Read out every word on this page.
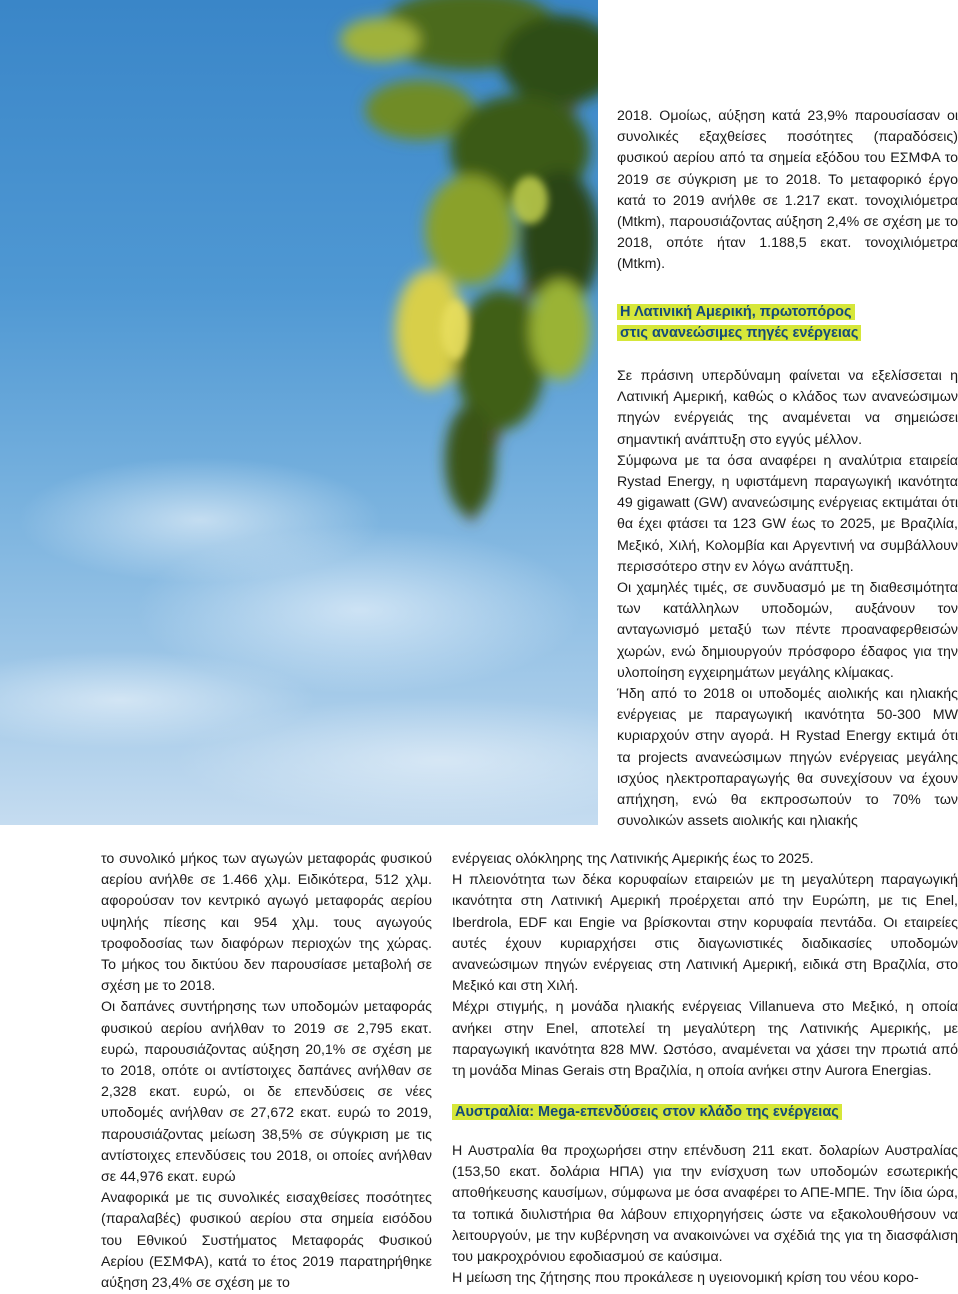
2018. Ομοίως, αύξηση κατά 23,9% παρουσίασαν οι συνολικές εξαχθείσες ποσότητες (παραδόσεις) φυσικού αερίου από τα σημεία εξόδου του ΕΣΜΦΑ το 2019 σε σύγκριση με το 2018. Το μεταφορικό έργο κατά το 2019 ανήλθε σε 1.217 εκατ. τονοχιλιόμετρα (Mtkm), παρουσιάζοντας αύξηση 2,4% σε σχέση με το 2018, οπότε ήταν 1.188,5 εκατ. τονοχιλιόμετρα (Mtkm).

Η Λατινική Αμερική, πρωτοπόρος
στις ανανεώσιμες πηγές ενέργειας

Σε πράσινη υπερδύναμη φαίνεται να εξελίσσεται η Λατινική Αμερική, καθώς ο κλάδος των ανανεώσιμων πηγών ενέργειάς της αναμένεται να σημειώσει σημαντική ανάπτυξη στο εγγύς μέλλον.

Σύμφωνα με τα όσα αναφέρει η αναλύτρια εταιρεία Rystad Energy, η υφιστάμενη παραγωγική ικανότητα 49 gigawatt (GW) ανανεώσιμης ενέργειας εκτιμάται ότι θα έχει φτάσει τα 123 GW έως το 2025, με Βραζιλία, Μεξικό, Χιλή, Κολομβία και Αργεντινή να συμβάλλουν περισσότερο στην εν λόγω ανάπτυξη.

Οι χαμηλές τιμές, σε συνδυασμό με τη διαθεσιμότητα των κατάλληλων υποδομών, αυξάνουν τον ανταγωνισμό μεταξύ των πέντε προαναφερθεισών χωρών, ενώ δημιουργούν πρόσφορο έδαφος για την υλοποίηση εγχειρημάτων μεγάλης κλίμακας.

Ήδη από το 2018 οι υποδομές αιολικής και ηλιακής ενέργειας με παραγωγική ικανότητα 50-300 MW κυριαρχούν στην αγορά. Η Rystad Energy εκτιμά ότι τα projects ανανεώσιμων πηγών ενέργειας μεγάλης ισχύος ηλεκτροπαραγωγής θα συνεχίσουν να έχουν απήχηση, ενώ θα εκπροσωπούν το 70% των συνολικών assets αιολικής και ηλιακής

ενέργειας ολόκληρης της Λατινικής Αμερικής έως το 2025.

Η πλειονότητα των δέκα κορυφαίων εταιρειών με τη μεγαλύτερη παραγωγική ικανότητα στη Λατινική Αμερική προέρχεται από την Ευρώπη, με τις Enel, Iberdrola, EDF και Engie να βρίσκονται στην κορυφαία πεντάδα. Οι εταιρείες αυτές έχουν κυριαρχήσει στις διαγωνιστικές διαδικασίες υποδομών ανανεώσιμων πηγών ενέργειας στη Λατινική Αμερική, ειδικά στη Βραζιλία, στο Μεξικό και στη Χιλή.

Μέχρι στιγμής, η μονάδα ηλιακής ενέργειας Villanueva στο Μεξικό, η οποία ανήκει στην Enel, αποτελεί τη μεγαλύτερη της Λατινικής Αμερικής, με παραγωγική ικανότητα 828 MW. Ωστόσο, αναμένεται να χάσει την πρωτιά από τη μονάδα Minas Gerais στη Βραζιλία, η οποία ανήκει στην Aurora Energias.

Αυστραλία: Mega-επενδύσεις στον κλάδο της ενέργειας

Η Αυστραλία θα προχωρήσει στην επένδυση 211 εκατ. δολαρίων Αυστραλίας (153,50 εκατ. δολάρια ΗΠΑ) για την ενίσχυση των υποδομών εσωτερικής αποθήκευσης καυσίμων, σύμφωνα με όσα αναφέρει το ΑΠΕ-ΜΠΕ. Την ίδια ώρα, τα τοπικά διυλιστήρια θα λάβουν επιχορηγήσεις ώστε να εξακολουθήσουν να λειτουργούν, με την κυβέρνηση να ανακοινώνει να σχέδιά της για τη διασφάλιση του μακροχρόνιου εφοδιασμού σε καύσιμα.

Η μείωση της ζήτησης που προκάλεσε η υγειονομική κρίση του νέου κορο-

το συνολικό μήκος των αγωγών μεταφοράς φυσικού αερίου ανήλθε σε 1.466 χλμ. Ειδικότερα, 512 χλμ. αφορούσαν τον κεντρικό αγωγό μεταφοράς αερίου υψηλής πίεσης και 954 χλμ. τους αγωγούς τροφοδοσίας των διαφόρων περιοχών της χώρας. Το μήκος του δικτύου δεν παρουσίασε μεταβολή σε σχέση με το 2018.

Οι δαπάνες συντήρησης των υποδομών μεταφοράς φυσικού αερίου ανήλθαν το 2019 σε 2,795 εκατ. ευρώ, παρουσιάζοντας αύξηση 20,1% σε σχέση με το 2018, οπότε οι αντίστοιχες δαπάνες ανήλθαν σε 2,328 εκατ. ευρώ, οι δε επενδύσεις σε νέες υποδομές ανήλθαν σε 27,672 εκατ. ευρώ το 2019, παρουσιάζοντας μείωση 38,5% σε σύγκριση με τις αντίστοιχες επενδύσεις του 2018, οι οποίες ανήλθαν σε 44,976 εκατ. ευρώ

Αναφορικά με τις συνολικές εισαχθείσες ποσότητες (παραλαβές) φυσικού αερίου στα σημεία εισόδου του Εθνικού Συστήματος Μεταφοράς Φυσικού Αερίου (ΕΣΜΦΑ), κατά το έτος 2019 παρατηρήθηκε αύξηση 23,4% σε σχέση με το
